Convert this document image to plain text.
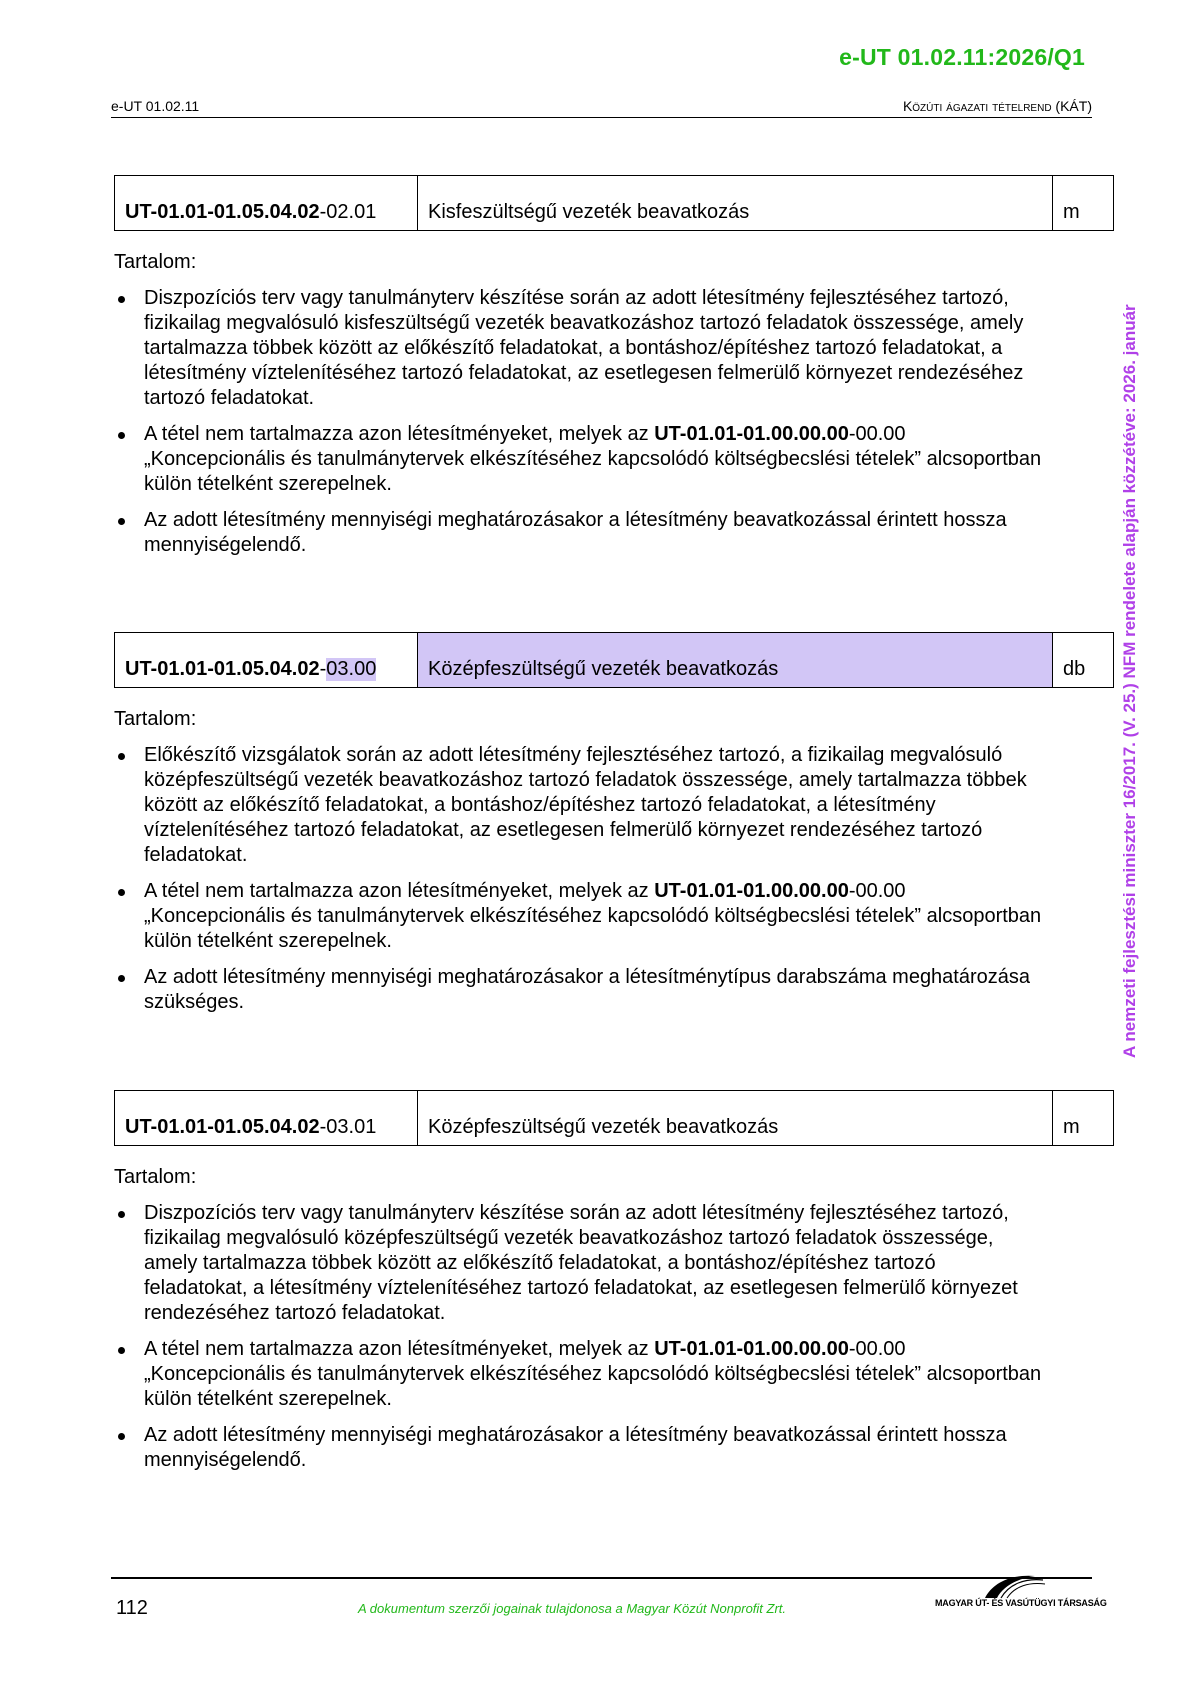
e-UT 01.02.11:2026/Q1
e-UT 01.02.11	Közúti ágazati tételrend (KÁT)
A nemzeti fejlesztési miniszter 16/2017. (V. 25.) NFM rendelete alapján közzétéve: 2026. január
UT-01.01-01.05.04.02 - 02.01	Kisfeszültségű vezeték beavatkozás	m
Tartalom:
Diszpozíciós terv vagy tanulmányterv készítése során az adott létesítmény fejlesztéséhez tartozó, fizikailag megvalósuló kisfeszültségű vezeték beavatkozáshoz tartozó feladatok összessége, amely tartalmazza többek között az előkészítő feladatokat, a bontáshoz/építéshez tartozó feladatokat, a létesítmény víztelenítéséhez tartozó feladatokat, az esetlegesen felmerülő környezet rendezéséhez tartozó feladatokat.
A tétel nem tartalmazza azon létesítményeket, melyek az UT-01.01-01.00.00.00-00.00 „Koncepcionális és tanulmánytervek elkészítéséhez kapcsolódó költségbecslési tételek” alcsoportban külön tételként szerepelnek.
Az adott létesítmény mennyiségi meghatározásakor a létesítmény beavatkozással érintett hossza mennyiségelendő.
UT-01.01-01.05.04.02 - 03.00	Középfeszültségű vezeték beavatkozás	db
Tartalom:
Előkészítő vizsgálatok során az adott létesítmény fejlesztéséhez tartozó, a fizikailag megvalósuló középfeszültségű vezeték beavatkozáshoz tartozó feladatok összessége, amely tartalmazza többek között az előkészítő feladatokat, a bontáshoz/építéshez tartozó feladatokat, a létesítmény víztelenítéséhez tartozó feladatokat, az esetlegesen felmerülő környezet rendezéséhez tartozó feladatokat.
A tétel nem tartalmazza azon létesítményeket, melyek az UT-01.01-01.00.00.00-00.00 „Koncepcionális és tanulmánytervek elkészítéséhez kapcsolódó költségbecslési tételek” alcsoportban külön tételként szerepelnek.
Az adott létesítmény mennyiségi meghatározásakor a létesítménytípus darabszáma meghatározása szükséges.
UT-01.01-01.05.04.02 - 03.01	Középfeszültségű vezeték beavatkozás	m
Tartalom:
Diszpozíciós terv vagy tanulmányterv készítése során az adott létesítmény fejlesztéséhez tartozó, fizikailag megvalósuló középfeszültségű vezeték beavatkozáshoz tartozó feladatok összessége, amely tartalmazza többek között az előkészítő feladatokat, a bontáshoz/építéshez tartozó feladatokat, a létesítmény víztelenítéséhez tartozó feladatokat, az esetlegesen felmerülő környezet rendezéséhez tartozó feladatokat.
A tétel nem tartalmazza azon létesítményeket, melyek az UT-01.01-01.00.00.00-00.00 „Koncepcionális és tanulmánytervek elkészítéséhez kapcsolódó költségbecslési tételek” alcsoportban külön tételként szerepelnek.
Az adott létesítmény mennyiségi meghatározásakor a létesítmény beavatkozással érintett hossza mennyiségelendő.
112	A dokumentum szerzői jogainak tulajdonosa a Magyar Közút Nonprofit Zrt.	MAGYAR ÚT- ÉS VASÚTÜGYI TÁRSASÁG
